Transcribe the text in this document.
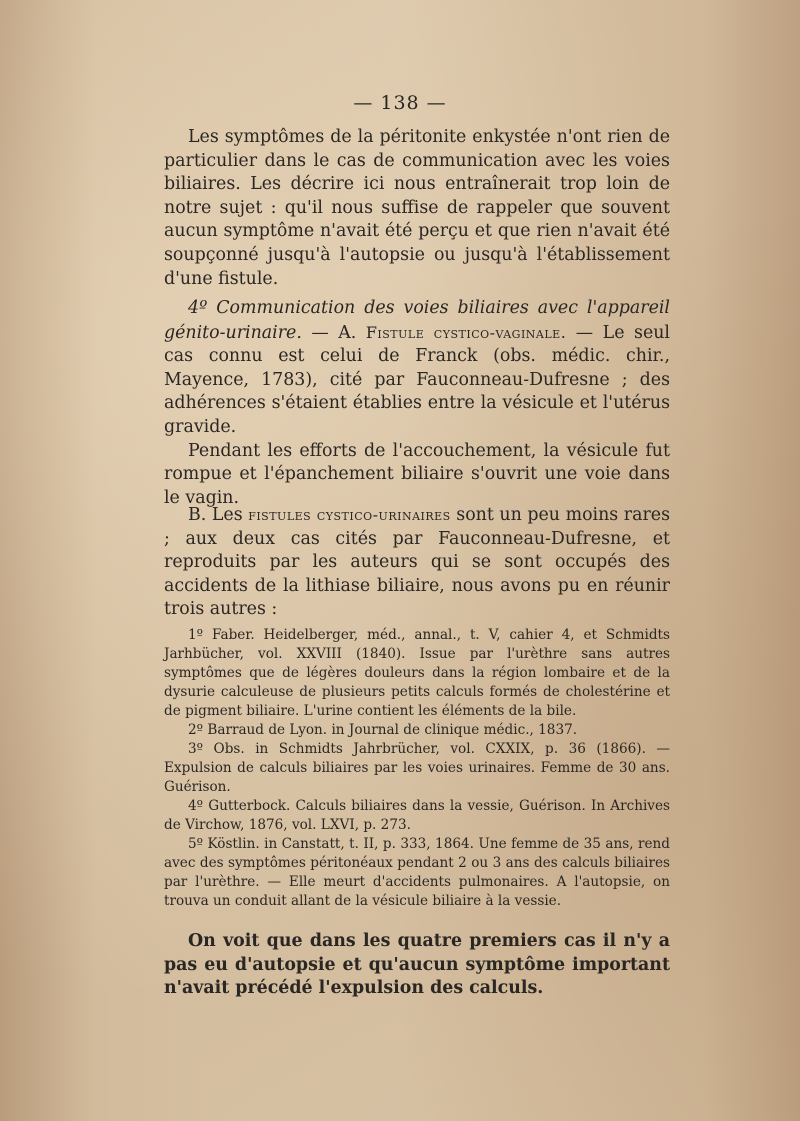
— 138 —

Les symptômes de la péritonite enkystée n'ont rien de particulier dans le cas de communication avec les voies biliaires. Les décrire ici nous entraînerait trop loin de notre sujet : qu'il nous suffise de rappeler que souvent aucun symptôme n'avait été perçu et que rien n'avait été soupçonné jusqu'à l'autopsie ou jusqu'à l'établissement d'une fistule.

4º Communication des voies biliaires avec l'appareil génito-urinaire. — A. Fistule cystico-vaginale. — Le seul cas connu est celui de Franck (obs. médic. chir., Mayence, 1783), cité par Fauconneau-Dufresne ; des adhérences s'étaient établies entre la vésicule et l'utérus gravide.

Pendant les efforts de l'accouchement, la vésicule fut rompue et l'épanchement biliaire s'ouvrit une voie dans le vagin.

B. Les fistules cystico-urinaires sont un peu moins rares ; aux deux cas cités par Fauconneau-Dufresne, et reproduits par les auteurs qui se sont occupés des accidents de la lithiase biliaire, nous avons pu en réunir trois autres :

1º Faber. Heidelberger, méd., annal., t. V, cahier 4, et Schmidts Jarhbücher, vol. XXVIII (1840). Issue par l'urèthre sans autres symptômes que de légères douleurs dans la région lombaire et de la dysurie calculeuse de plusieurs petits calculs formés de cholestérine et de pigment biliaire. L'urine contient les éléments de la bile.

2º Barraud de Lyon. in Journal de clinique médic., 1837.

3º Obs. in Schmidts Jahrbrücher, vol. CXXIX, p. 36 (1866). — Expulsion de calculs biliaires par les voies urinaires. Femme de 30 ans. Guérison.

4º Gutterbock. Calculs biliaires dans la vessie, Guérison. In Archives de Virchow, 1876, vol. LXVI, p. 273.

5º Köstlin. in Canstatt, t. II, p. 333, 1864. Une femme de 35 ans, rend avec des symptômes péritonéaux pendant 2 ou 3 ans des calculs biliaires par l'urèthre. — Elle meurt d'accidents pulmonaires. A l'autopsie, on trouva un conduit allant de la vésicule biliaire à la vessie.

On voit que dans les quatre premiers cas il n'y a pas eu d'autopsie et qu'aucun symptôme important n'avait précédé l'expulsion des calculs.
